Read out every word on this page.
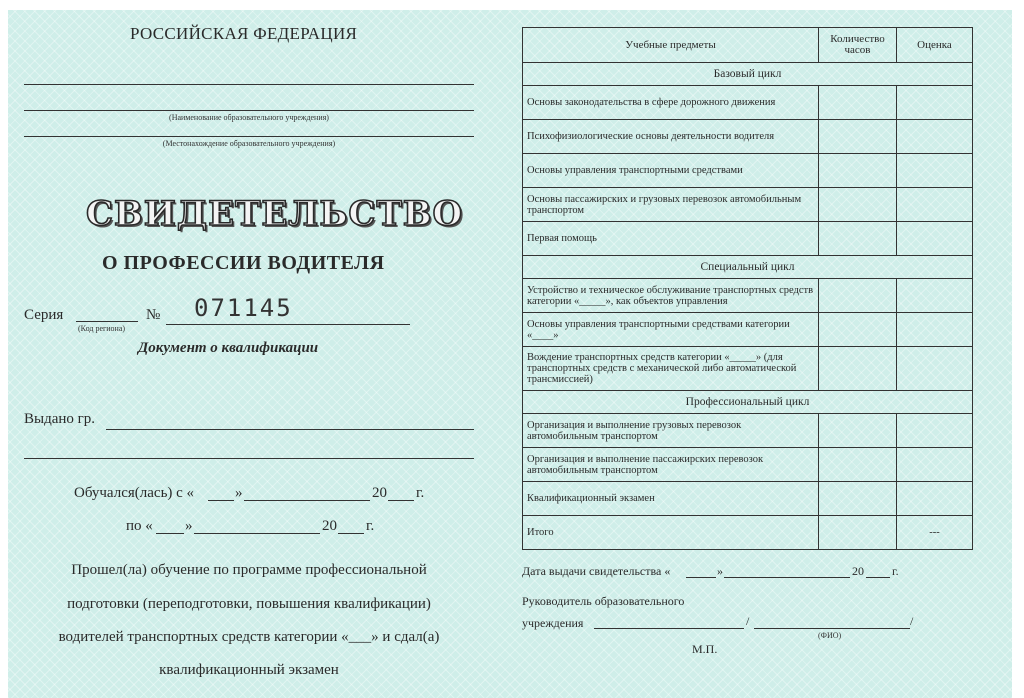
РОССИЙСКАЯ ФЕДЕРАЦИЯ
(Наименование образовательного учреждения)
(Местонахождение образовательного учреждения)
СВИДЕТЕЛЬСТВО
О ПРОФЕССИИ ВОДИТЕЛЯ
Серия
(Код региона)
№ 071145
Документ о квалификации
Выдано гр.
Обучался(лась) с «	»	20 г.
по « »	20 г.
Прошел(ла) обучение по программе профессиональной
подготовки (переподготовки, повышения квалификации)
водителей транспортных средств категории «___» и сдал(а)
квалификационный экзамен
Учебные предметы	Количество часов	Оценка
Базовый цикл		
Основы законодательства в сфере дорожного движения		
Психофизиологические основы деятельности водителя		
Основы управления транспортными средствами		
Основы пассажирских и грузовых перевозок автомобильным транспортом		
Первая помощь		
Специальный цикл		
Устройство и техническое обслуживание транспортных средств категории «_____», как объектов управления		
Основы управления транспортными средствами категории «____»		
Вождение транспортных средств категории «_____» (для транспортных средств с механической либо автоматической трансмиссией)		
Профессиональный цикл		
Организация и выполнение грузовых перевозок автомобильным транспортом		
Организация и выполнение пассажирских перевозок автомобильным транспортом		
Квалификационный экзамен		
Итого		---
Дата выдачи свидетельства «	»	20 г.
Руководитель образовательного
учреждения	/	/
(ФИО)
М.П.
